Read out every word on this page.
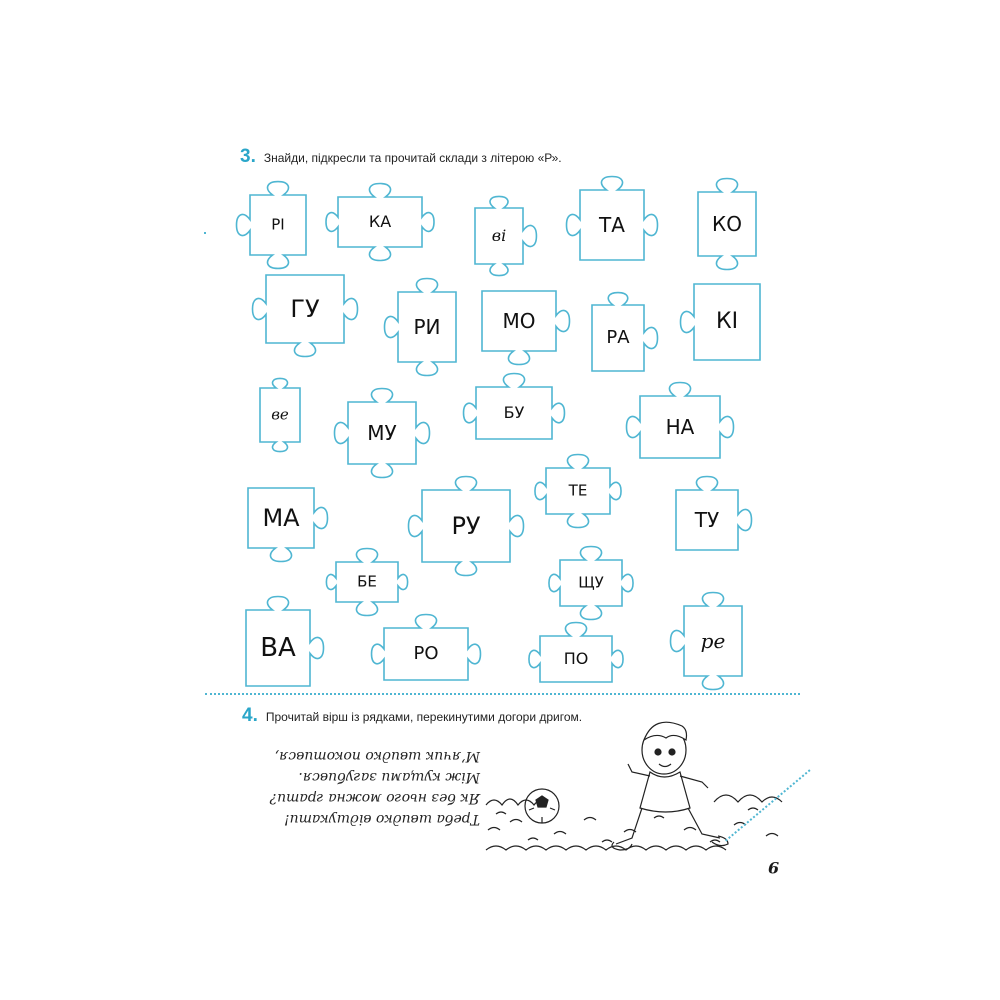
3. Знайди, підкресли та прочитай склади з літерою «Р».
РІ	КА
ві	ТА	КО
ГУ
РИ	МО
РА
КІ
ве
МУ
БУ
НА
ТЕ
МА	РУ	ТУ
БЕ	ЩУ
ВА	РО	ПО
ре
4. Прочитай вірш із рядками, перекинутими догори дригом.
Треба швидко відшукати!
Як без нього можна грати?
Між кущами загубився.
М’ячик швидко покотився,
9
